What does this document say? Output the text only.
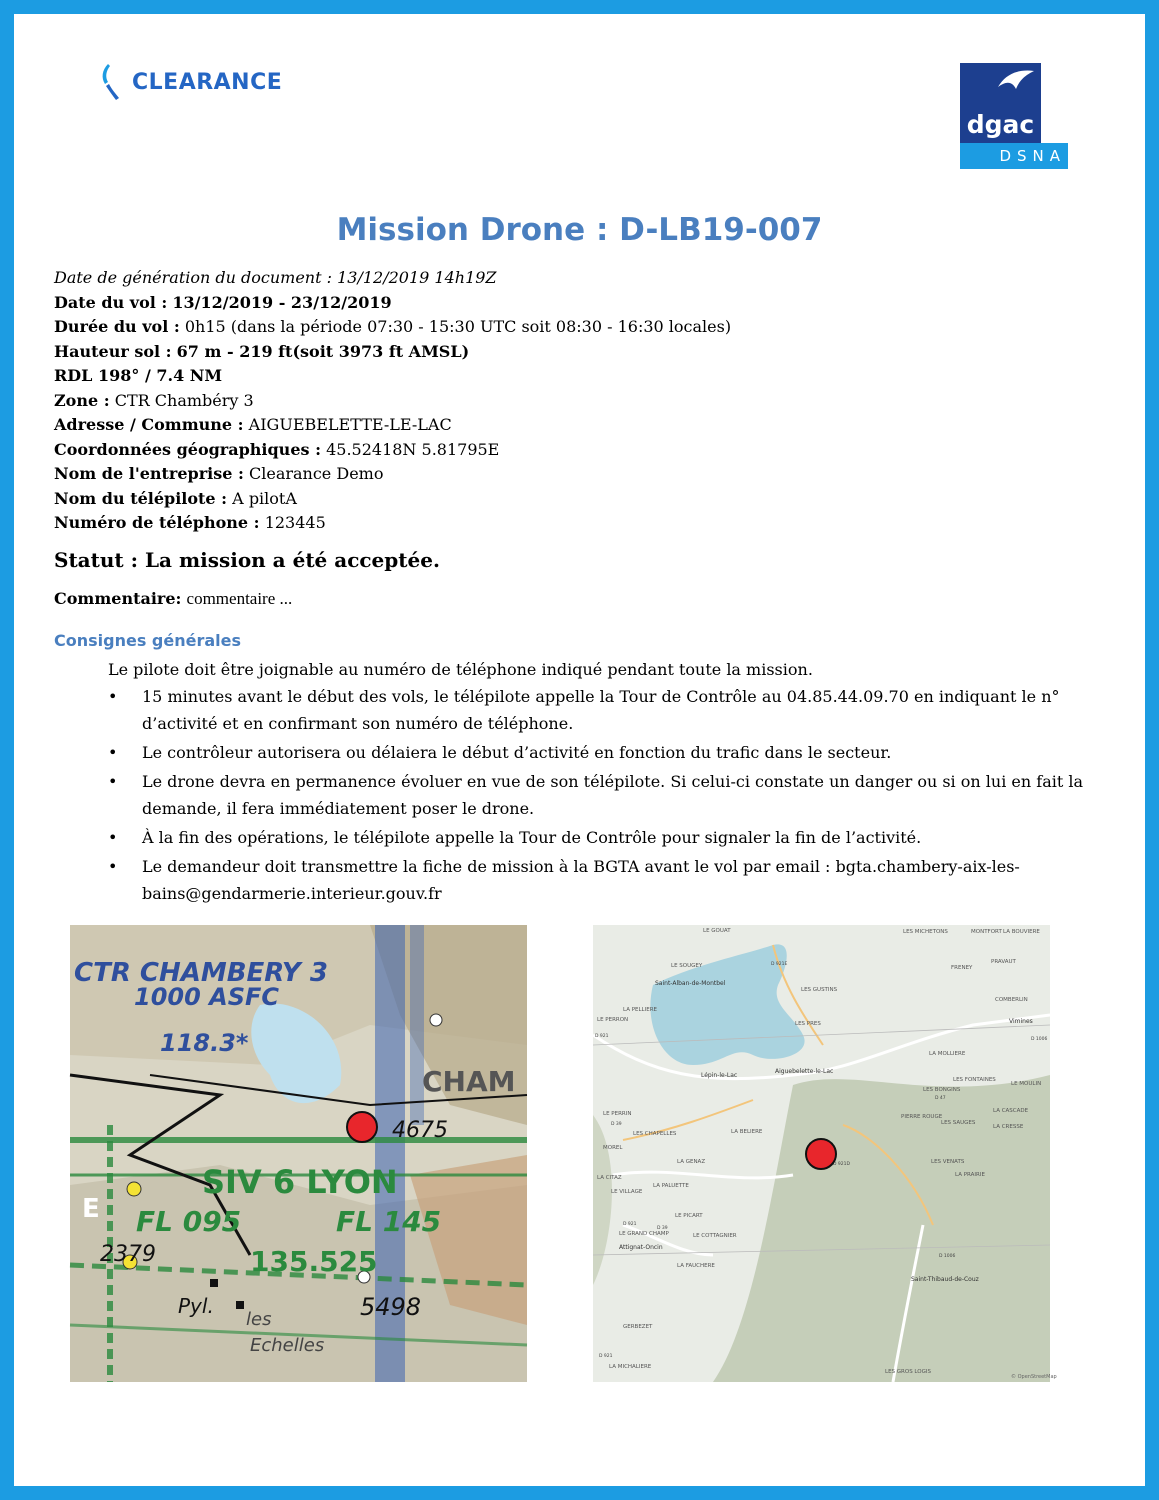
CLEARANCE
dgac
DSNA
Mission Drone : D-LB19-007
Date de génération du document : 13/12/2019 14h19Z
Date du vol : 13/12/2019 - 23/12/2019
Durée du vol : 0h15 (dans la période 07:30 - 15:30 UTC soit 08:30 - 16:30 locales)
Hauteur sol : 67 m - 219 ft(soit 3973 ft AMSL)
RDL 198° / 7.4 NM
Zone : CTR Chambéry 3
Adresse / Commune : AIGUEBELETTE-LE-LAC
Coordonnées géographiques : 45.52418N 5.81795E
Nom de l'entreprise : Clearance Demo
Nom du télépilote : A pilotA
Numéro de téléphone : 123445
Statut : La mission a été acceptée.
Commentaire: commentaire ...
Consignes générales
Le pilote doit être joignable au numéro de téléphone indiqué pendant toute la mission.
• 15 minutes avant le début des vols, le télépilote appelle la Tour de Contrôle au 04.85.44.09.70 en indiquant le n° d’activité et en confirmant son numéro de téléphone.
• Le contrôleur autorisera ou délaiera le début d’activité en fonction du trafic dans le secteur.
• Le drone devra en permanence évoluer en vue de son télépilote. Si celui-ci constate un danger ou si on lui en fait la demande, il fera immédiatement poser le drone.
• À la fin des opérations, le télépilote appelle la Tour de Contrôle pour signaler la fin de l’activité.
• Le demandeur doit transmettre la fiche de mission à la BGTA avant le vol par email : bgta.chambery-aix-les-bains@gendarmerie.interieur.gouv.fr
CTR CHAMBERY 3
1000 ASFC
118.3*
CHAM
4675
SIV 6 LYON
E FL 095	FL 145
2379	135.525
Pyl.	5498
les
Echelles
LE GOUAT	LES MICHETONS	MONTFORT LA BOUVIERE
LE SOUGEY
LES GUSTINS
LES PRES
PRAVAUT
FRENEY
COMBERLIN
LA MOLLIERE
LE MOULIN
LES FONTAINES
LES BONGINS
LES CHAPELLES
LE PERRIN
LE VILLAGE
LA PALUETTE
LE PICART
LE COTTAGNIER
LA FAUCHERE
LE GRAND CHAMP
LES VENATS
LA PRAIRIE
LA CASCADE
LES SAUGES
LA GENAZ
LA BELIERE
PIERRE ROUGE
LA CITAZ
MOREL
GERBEZET
LA MICHALIERE
LES GROS LOGIS
LE PERRON
LA PELLIERE
LA CRESSE
Saint-Alban-de-Montbel
Lépin-le-Lac
Aiguebelette-le-Lac
Attignat-Oncin
Saint-Thibaud-de-Couz
Vimines
D 921
D 921
D 39
D 921
D 1006
D 1006
D 921E
D 39
D 47
D 921D
© OpenStreetMap
